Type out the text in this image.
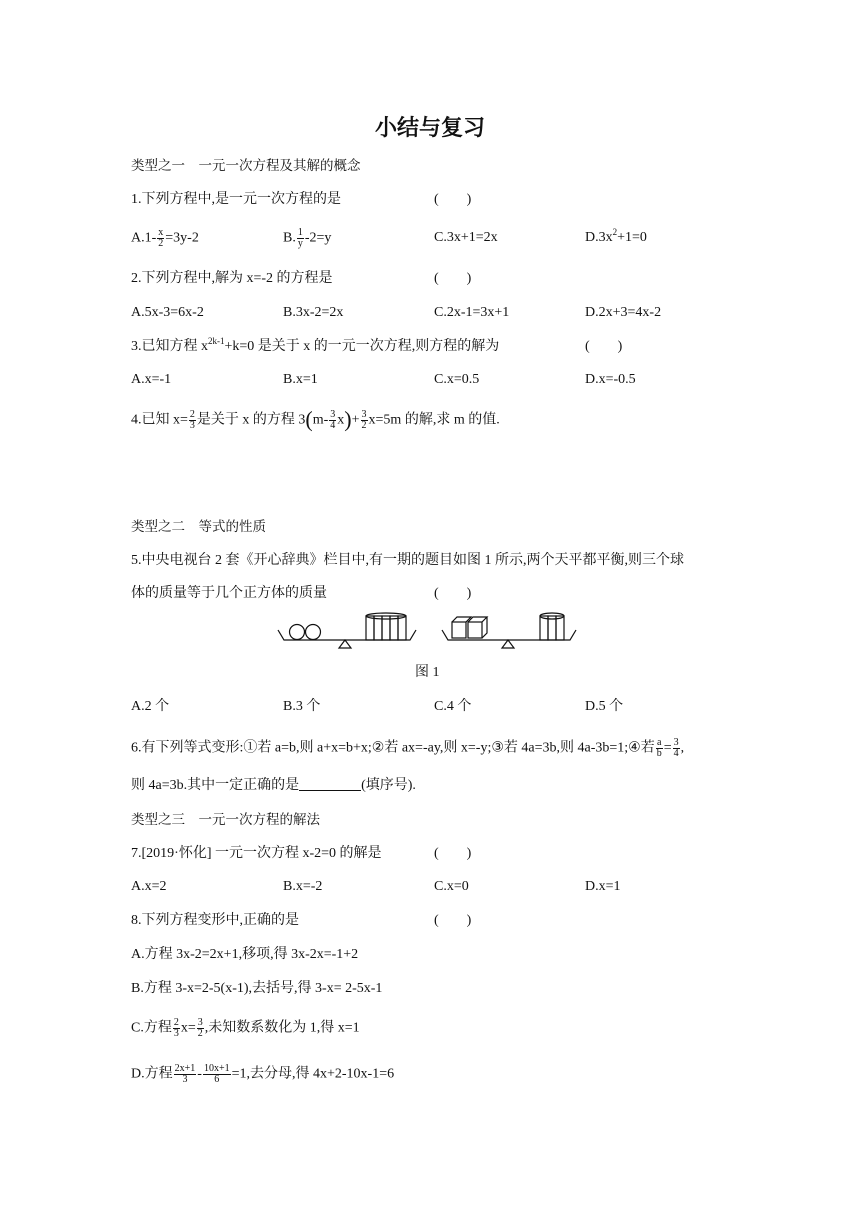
小结与复习
类型之一　一元一次方程及其解的概念
1.下列方程中,是一元一次方程的是	(　　)
$A.1- \frac{x}{2} =3y-2$	B. $\frac{1}{y} -2=y$	C.3x+1=2x	$D.3x^2+1=0$
2.下列方程中,解为 x=-2 的方程是	(　　)
A.5x-3=6x-2	B.3x-2=2x	C.2x-1=3x+1	D.2x+3=4x-2
3.已知方程 $x^{2k-1}+k=0$ 是关于 x 的一元一次方程,则方程的解为	(　　)
A.x=-1	B.x=1	C.x=0.5	D.x=-0.5
4.已知 $x= \frac{2}{3}$ 是关于 x 的方程 $3(m- \frac{3}{4} x)+ \frac{3}{2} x=5m$ 的解,求 m 的值.
类型之二　等式的性质
5.中央电视台 2 套《开心辞典》栏目中,有一期的题目如图 1 所示,两个天平都平衡,则三个球
体的质量等于几个正方体的质量	(　　)
图 1
A.2 个	B.3 个	C.4 个	D.5 个
6.有下列等式变形:①若 a=b,则 a+x=b+x;②若 ax=-ay,则 x=-y;③若 4a=3b,则 4a-3b=1;④若 $\frac{a}{b} = \frac{3}{4}$ ,
则 4a=3b.其中一定正确的是	(填序号).
类型之三　一元一次方程的解法
7.[2019·怀化] 一元一次方程 x-2=0 的解是	(　　)
A.x=2	B.x=-2	C.x=0	D.x=1
8.下列方程变形中,正确的是	(　　)
A.方程 3x-2=2x+1,移项,得 3x-2x=-1+2
B.方程 3-x=2-5(x-1),去括号,得 3-x= 2-5x-1
C.方程 $\frac{2}{3} x= \frac{3}{2}$ ,未知数系数化为 1,得 x=1
D.方程 $\frac{2x+1}{3} - \frac{10x+1}{6} =1$,去分母,得 4x+2-10x-1=6
